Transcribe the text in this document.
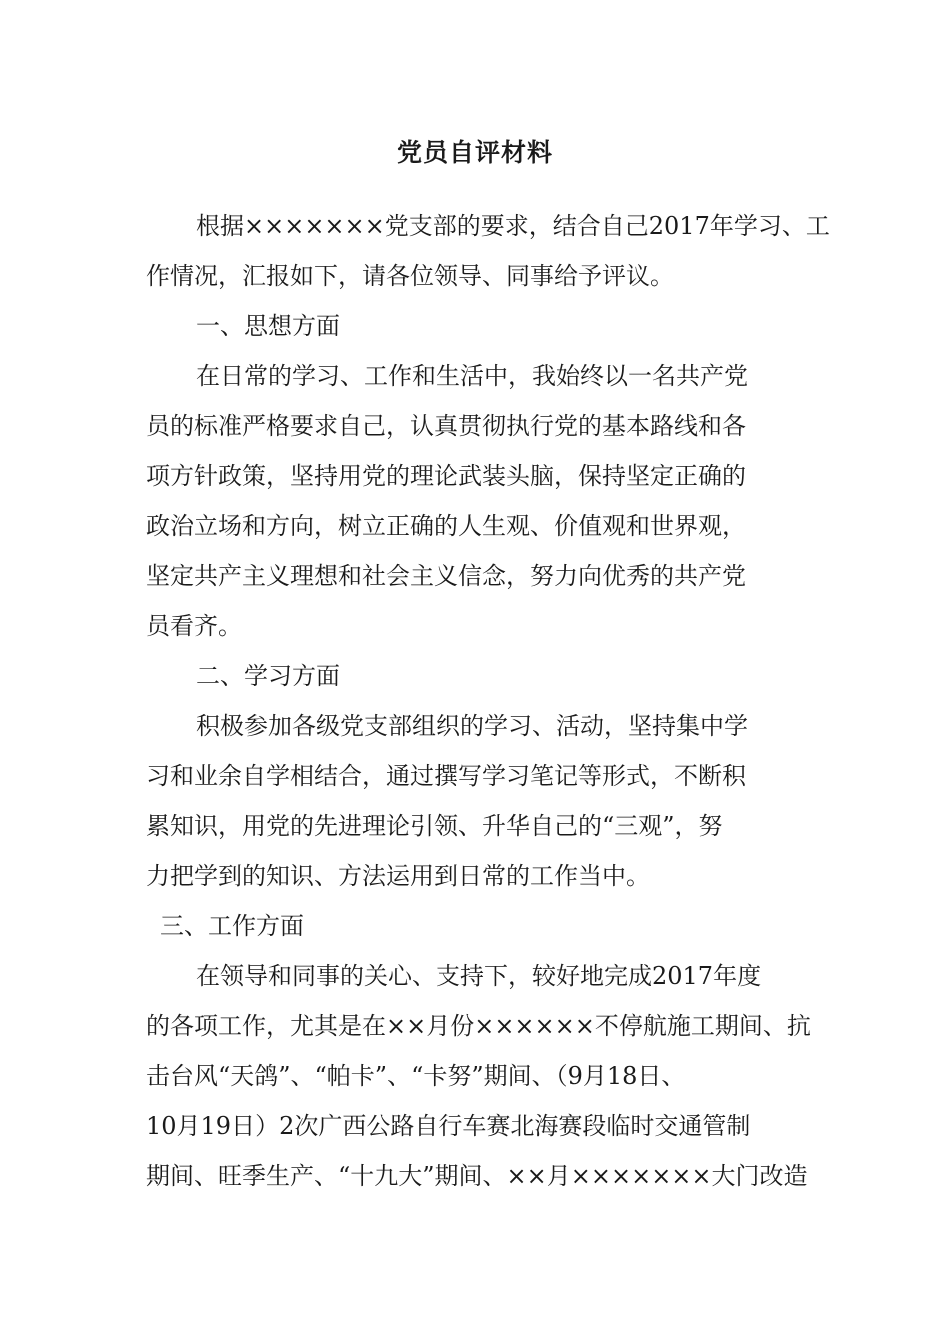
党员自评材料
根据×××××××党支部的要求，结合自己2017年学习、工
作情况，汇报如下，请各位领导、同事给予评议。
一、思想方面
在日常的学习、工作和生活中，我始终以一名共产党
员的标准严格要求自己，认真贯彻执行党的基本路线和各
项方针政策，坚持用党的理论武装头脑，保持坚定正确的
政治立场和方向，树立正确的人生观、价值观和世界观，
坚定共产主义理想和社会主义信念，努力向优秀的共产党
员看齐。
二、学习方面
积极参加各级党支部组织的学习、活动，坚持集中学
习和业余自学相结合，通过撰写学习笔记等形式，不断积
累知识，用党的先进理论引领、升华自己的“三观”，努
力把学到的知识、方法运用到日常的工作当中。
三、工作方面
在领导和同事的关心、支持下，较好地完成2017年度
的各项工作，尤其是在××月份××××××不停航施工期间、抗
击台风“天鸽”、“帕卡”、“卡努”期间、（9月18日、
10月19日）2次广西公路自行车赛北海赛段临时交通管制
期间、旺季生产、“十九大”期间、××月×××××××大门改造
